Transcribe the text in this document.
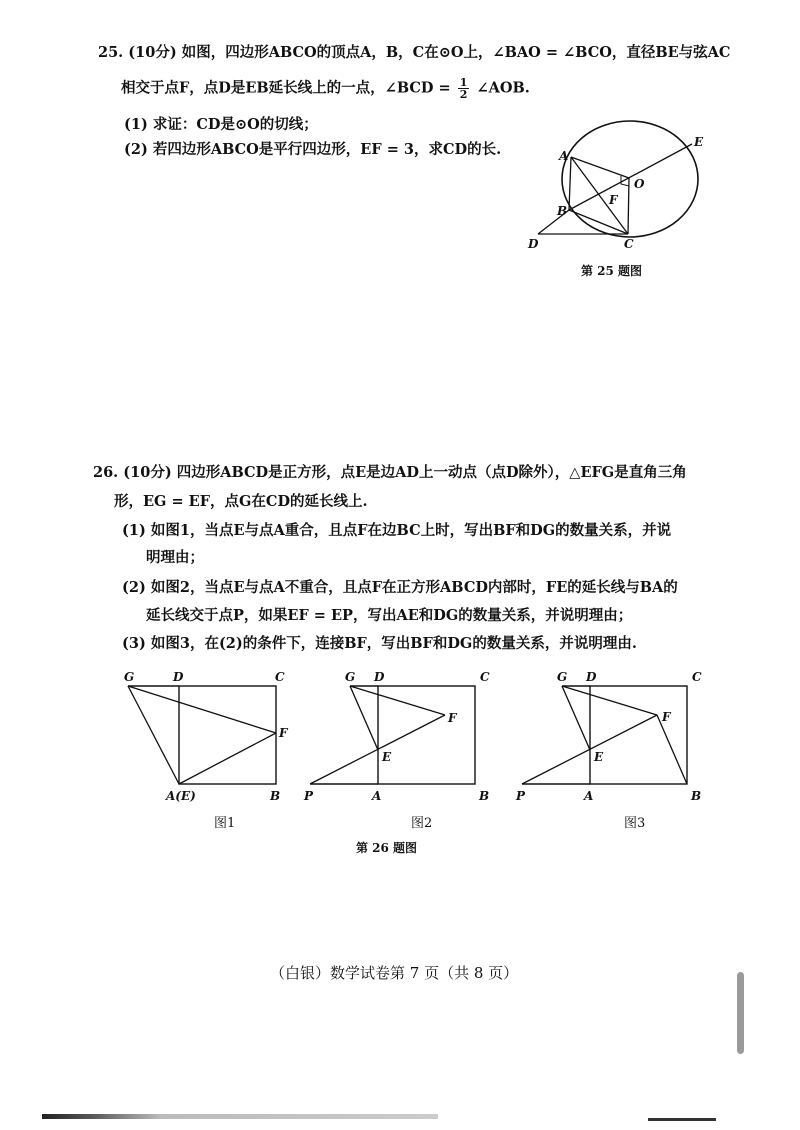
25. (10分) 如图，四边形ABCO的顶点A，B，C在⊙O上，∠BAO = ∠BCO，直径BE与弦AC
相交于点F，点D是EB延长线上的一点，∠BCD = $\frac{1}{2}$ ∠AOB.
(1) 求证：CD是⊙O的切线；
(2) 若四边形ABCO是平行四边形，EF = 3，求CD的长.	A
B
C
D
E
F
O
第 25 题图
26. (10分) 四边形ABCD是正方形，点E是边AD上一动点（点D除外），△EFG是直角三角
形，EG = EF，点G在CD的延长线上.
(1) 如图1，当点E与点A重合，且点F在边BC上时，写出BF和DG的数量关系，并说
明理由；
(2) 如图2，当点E与点A不重合，且点F在正方形ABCD内部时，FE的延长线与BA的
延长线交于点P，如果EF = EP，写出AE和DG的数量关系，并说明理由；
(3) 如图3，在(2)的条件下，连接BF，写出BF和DG的数量关系，并说明理由.
G	D	C
F
A(E)	B
图1
G D	C
F
E
P	A	B
图2
G D	C
F
E
P	A	B
图3
第 26 题图
（白银）数学试卷第 7 页（共 8 页）
